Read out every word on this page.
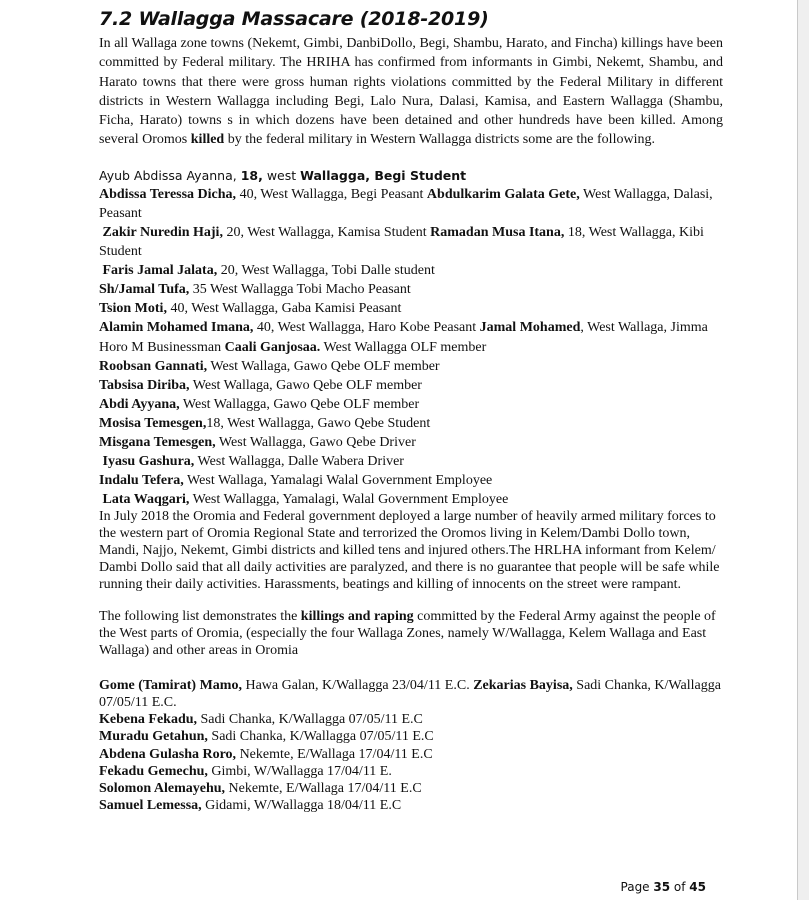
7.2 Wallagga Massacare (2018-2019)

In all Wallaga zone towns (Nekemt, Gimbi, DanbiDollo, Begi, Shambu, Harato, and Fincha) killings have been committed by Federal military. The HRIHA has confirmed from informants in Gimbi, Nekemt, Shambu, and Harato towns that there were gross human rights violations committed by the Federal Military in different districts in Western Wallagga including Begi, Lalo Nura, Dalasi, Kamisa, and Eastern Wallagga (Shambu, Ficha, Harato) towns s in which dozens have been detained and other hundreds have been killed. Among several Oromos killed by the federal military in Western Wallagga districts some are the following.

Ayub Abdissa Ayanna, 18, west Wallagga, Begi Student

Abdissa Teressa Dicha, 40, West Wallagga, Begi Peasant Abdulkarim Galata Gete, West Wallagga, Dalasi, Peasant

Zakir Nuredin Haji, 20, West Wallagga, Kamisa Student Ramadan Musa Itana, 18, West Wallagga, Kibi Student

Faris Jamal Jalata, 20, West Wallagga, Tobi Dalle student

Sh/Jamal Tufa, 35 West Wallagga Tobi Macho Peasant

Tsion Moti, 40, West Wallagga, Gaba Kamisi Peasant

Alamin Mohamed Imana, 40, West Wallagga, Haro Kobe Peasant Jamal Mohamed, West Wallaga, Jimma Horo M Businessman Caali Ganjosaa. West Wallagga OLF member

Roobsan Gannati, West Wallaga, Gawo Qebe OLF member

Tabsisa Diriba, West Wallaga, Gawo Qebe OLF member

Abdi Ayyana, West Wallagga, Gawo Qebe OLF member

Mosisa Temesgen,18, West Wallagga, Gawo Qebe Student

Misgana Temesgen, West Wallagga, Gawo Qebe Driver

Iyasu Gashura, West Wallagga, Dalle Wabera Driver

Indalu Tefera, West Wallaga, Yamalagi Walal Government Employee

Lata Waqgari, West Wallagga, Yamalagi, Walal Government Employee

In July 2018 the Oromia and Federal government deployed a large number of heavily armed military forces to the western part of Oromia Regional State and terrorized the Oromos living in Kelem/Dambi Dollo town, Mandi, Najjo, Nekemt, Gimbi districts and killed tens and injured others.The HRLHA informant from Kelem/ Dambi Dollo said that all daily activities are paralyzed, and there is no guarantee that people will be safe while running their daily activities. Harassments, beatings and killing of innocents on the street were rampant.

The following list demonstrates the killings and raping committed by the Federal Army against the people of the West parts of Oromia, (especially the four Wallaga Zones, namely W/Wallagga, Kelem Wallaga and East Wallaga) and other areas in Oromia

Gome (Tamirat) Mamo, Hawa Galan, K/Wallagga 23/04/11 E.C. Zekarias Bayisa, Sadi Chanka, K/Wallagga 07/05/11 E.C.

Kebena Fekadu, Sadi Chanka, K/Wallagga 07/05/11 E.C

Muradu Getahun, Sadi Chanka, K/Wallagga 07/05/11 E.C

Abdena Gulasha Roro, Nekemte, E/Wallaga 17/04/11 E.C

Fekadu Gemechu, Gimbi, W/Wallagga 17/04/11 E.

Solomon Alemayehu, Nekemte, E/Wallaga 17/04/11 E.C

Samuel Lemessa, Gidami, W/Wallagga 18/04/11 E.C

Page 35 of 45
